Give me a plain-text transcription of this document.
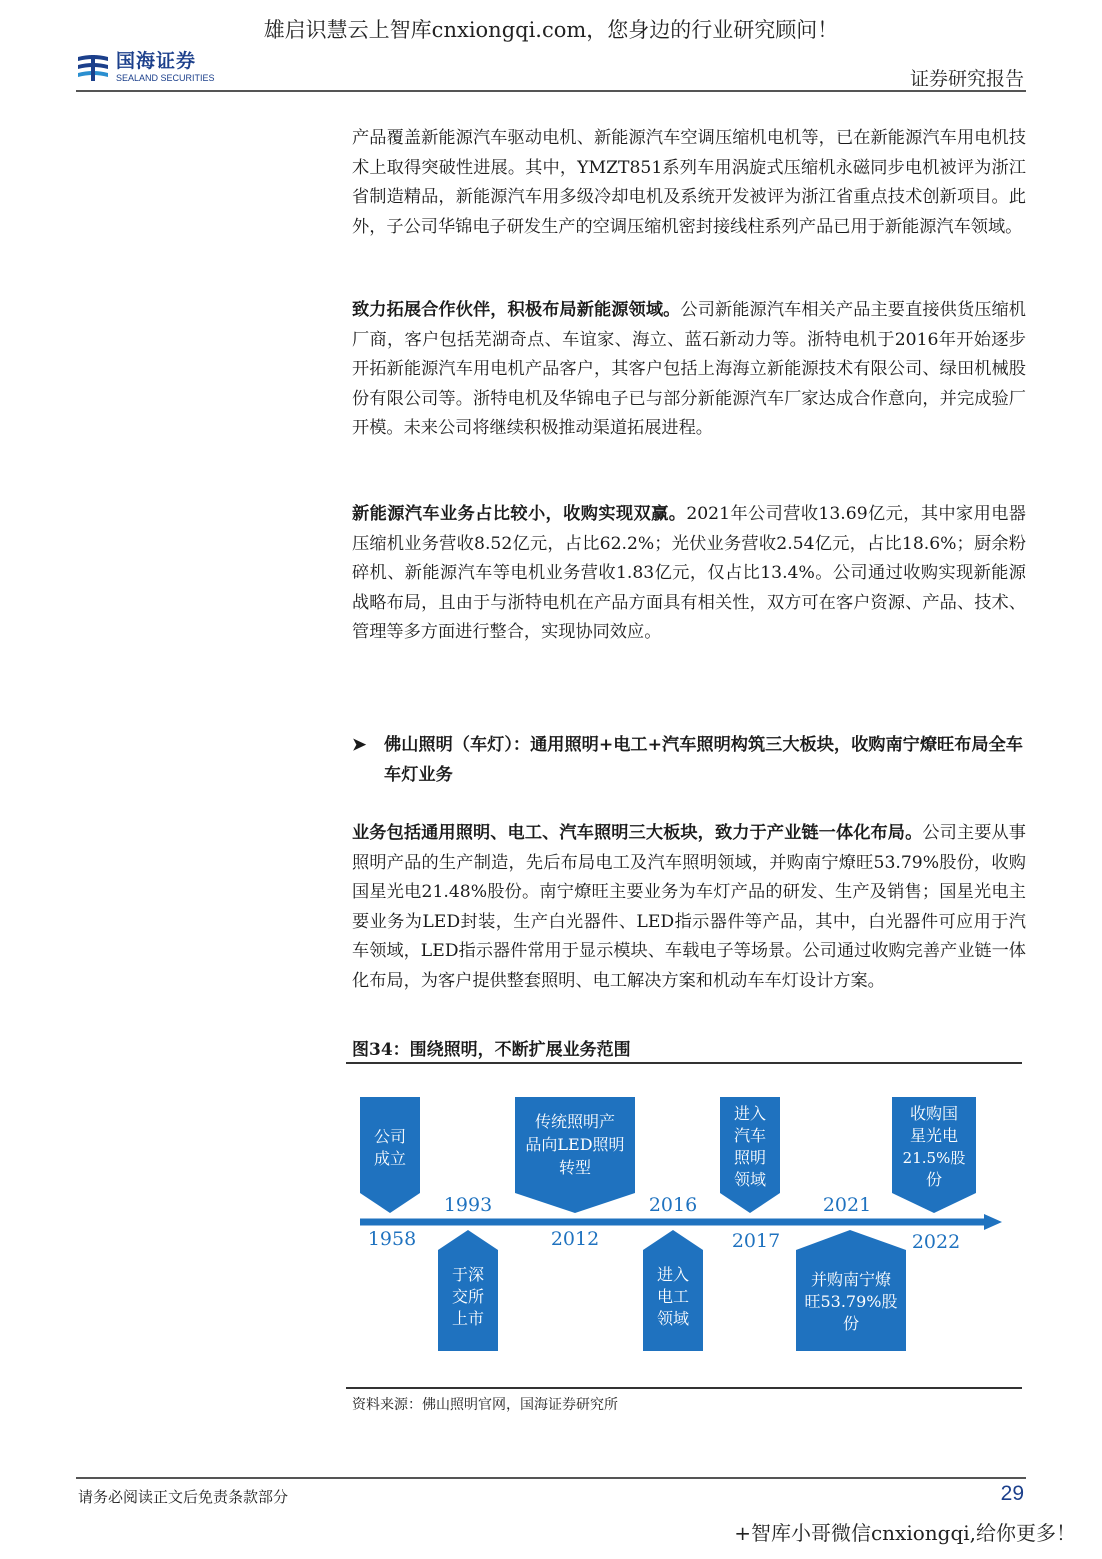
雄启识慧云上智库cnxiongqi.com，您身边的行业研究顾问！
国海证券
SEALAND SECURITIES	证券研究报告

产品覆盖新能源汽车驱动电机、新能源汽车空调压缩机电机等，已在新能源汽车用电机技术上取得突破性进展。其中，YMZT851系列车用涡旋式压缩机永磁同步电机被评为浙江省制造精品，新能源汽车用多级冷却电机及系统开发被评为浙江省重点技术创新项目。此外，子公司华锦电子研发生产的空调压缩机密封接线柱系列产品已用于新能源汽车领域。

致力拓展合作伙伴，积极布局新能源领域。公司新能源汽车相关产品主要直接供货压缩机厂商，客户包括芜湖奇点、车谊家、海立、蓝石新动力等。浙特电机于2016年开始逐步开拓新能源汽车用电机产品客户，其客户包括上海海立新能源技术有限公司、绿田机械股份有限公司等。浙特电机及华锦电子已与部分新能源汽车厂家达成合作意向，并完成验厂开模。未来公司将继续积极推动渠道拓展进程。

新能源汽车业务占比较小，收购实现双赢。2021年公司营收13.69亿元，其中家用电器压缩机业务营收8.52亿元，占比62.2%；光伏业务营收2.54亿元，占比18.6%；厨余粉碎机、新能源汽车等电机业务营收1.83亿元，仅占比13.4%。公司通过收购实现新能源战略布局，且由于与浙特电机在产品方面具有相关性，双方可在客户资源、产品、技术、管理等多方面进行整合，实现协同效应。

➤ 佛山照明（车灯）：通用照明+电工+汽车照明构筑三大板块，收购南宁燎旺布局全车车灯业务

业务包括通用照明、电工、汽车照明三大板块，致力于产业链一体化布局。公司主要从事照明产品的生产制造，先后布局电工及汽车照明领域，并购南宁燎旺53.79%股份，收购国星光电21.48%股份。南宁燎旺主要业务为车灯产品的研发、生产及销售；国星光电主要业务为LED封装，生产白光器件、LED指示器件等产品，其中，白光器件可应用于汽车领域，LED指示器件常用于显示模块、车载电子等场景。公司通过收购完善产业链一体化布局，为客户提供整套照明、电工解决方案和机动车车灯设计方案。

图34：围绕照明，不断扩展业务范围
公司
成立
1958
于深
交所
上市
1993
传统照明产
品向LED照明
转型
2012
进入
电工
领域
2016
进入
汽车
照明
领域
2017
并购南宁燎
旺53.79%股
份
2021
收购国
星光电
21.5%股
份
2022
资料来源：佛山照明官网，国海证券研究所
请务必阅读正文后免责条款部分	29
+智库小哥微信cnxiongqi,给你更多！
